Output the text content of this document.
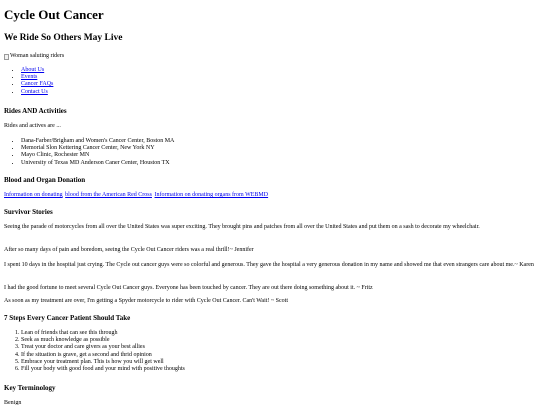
Cycle Out Cancer
We Ride So Others May Live
Woman saluting riders
• About Us
• Events
• Cancer FAQs
• Contact Us
Rides AND Activities

Rides and actives are ...

• Dana-Farber/Brigham and Women's Cancer Center, Boston MA
• Memorial Slon Kettering Cancer Center, New York NY
• Mayo Clinic, Rochester MN
• University of Texas MD Anderson Caner Center, Houston TX
Blood and Organ Donation

Information on donating blood from the American Red Cross Information on donating organs from WEBMD

Survivor Stories

Seeing the parade of motorcycles from all over the United States was super exciting. They brought pins and patches from all over the United States and put them on a sash to decorate my wheelchair.

After so many days of pain and boredom, seeing the Cycle Out Cancer riders was a real thrill!~ Jennifer

I spent 10 days in the hospital just crying. The Cycle out cancer guys were so colorful and generous. They gave the hospital a very generous donation in my name and showed me that even strangers care about me.~ Karen

I had the good fortune to meet several Cycle Out Cancer guys. Everyone has been touched by cancer. They are out there doing something about it. ~ Fritz

As soon as my treatment are over, I'm getting a Spyder motorcycle to rider with Cycle Out Cancer. Can't Wait! ~ Scott

7 Steps Every Cancer Patient Should Take
1. Lean of friends that can see this through
2. Seek as much knowledge as possible
3. Treat your doctor and care givers as your best allies
4. If the situation is grave, get a second and thrid opinion
5. Embrace your treatment plan. This is how you will get well
6. Fill your body with good food and your mind with positive thoughts
Key Terminology

Benign
